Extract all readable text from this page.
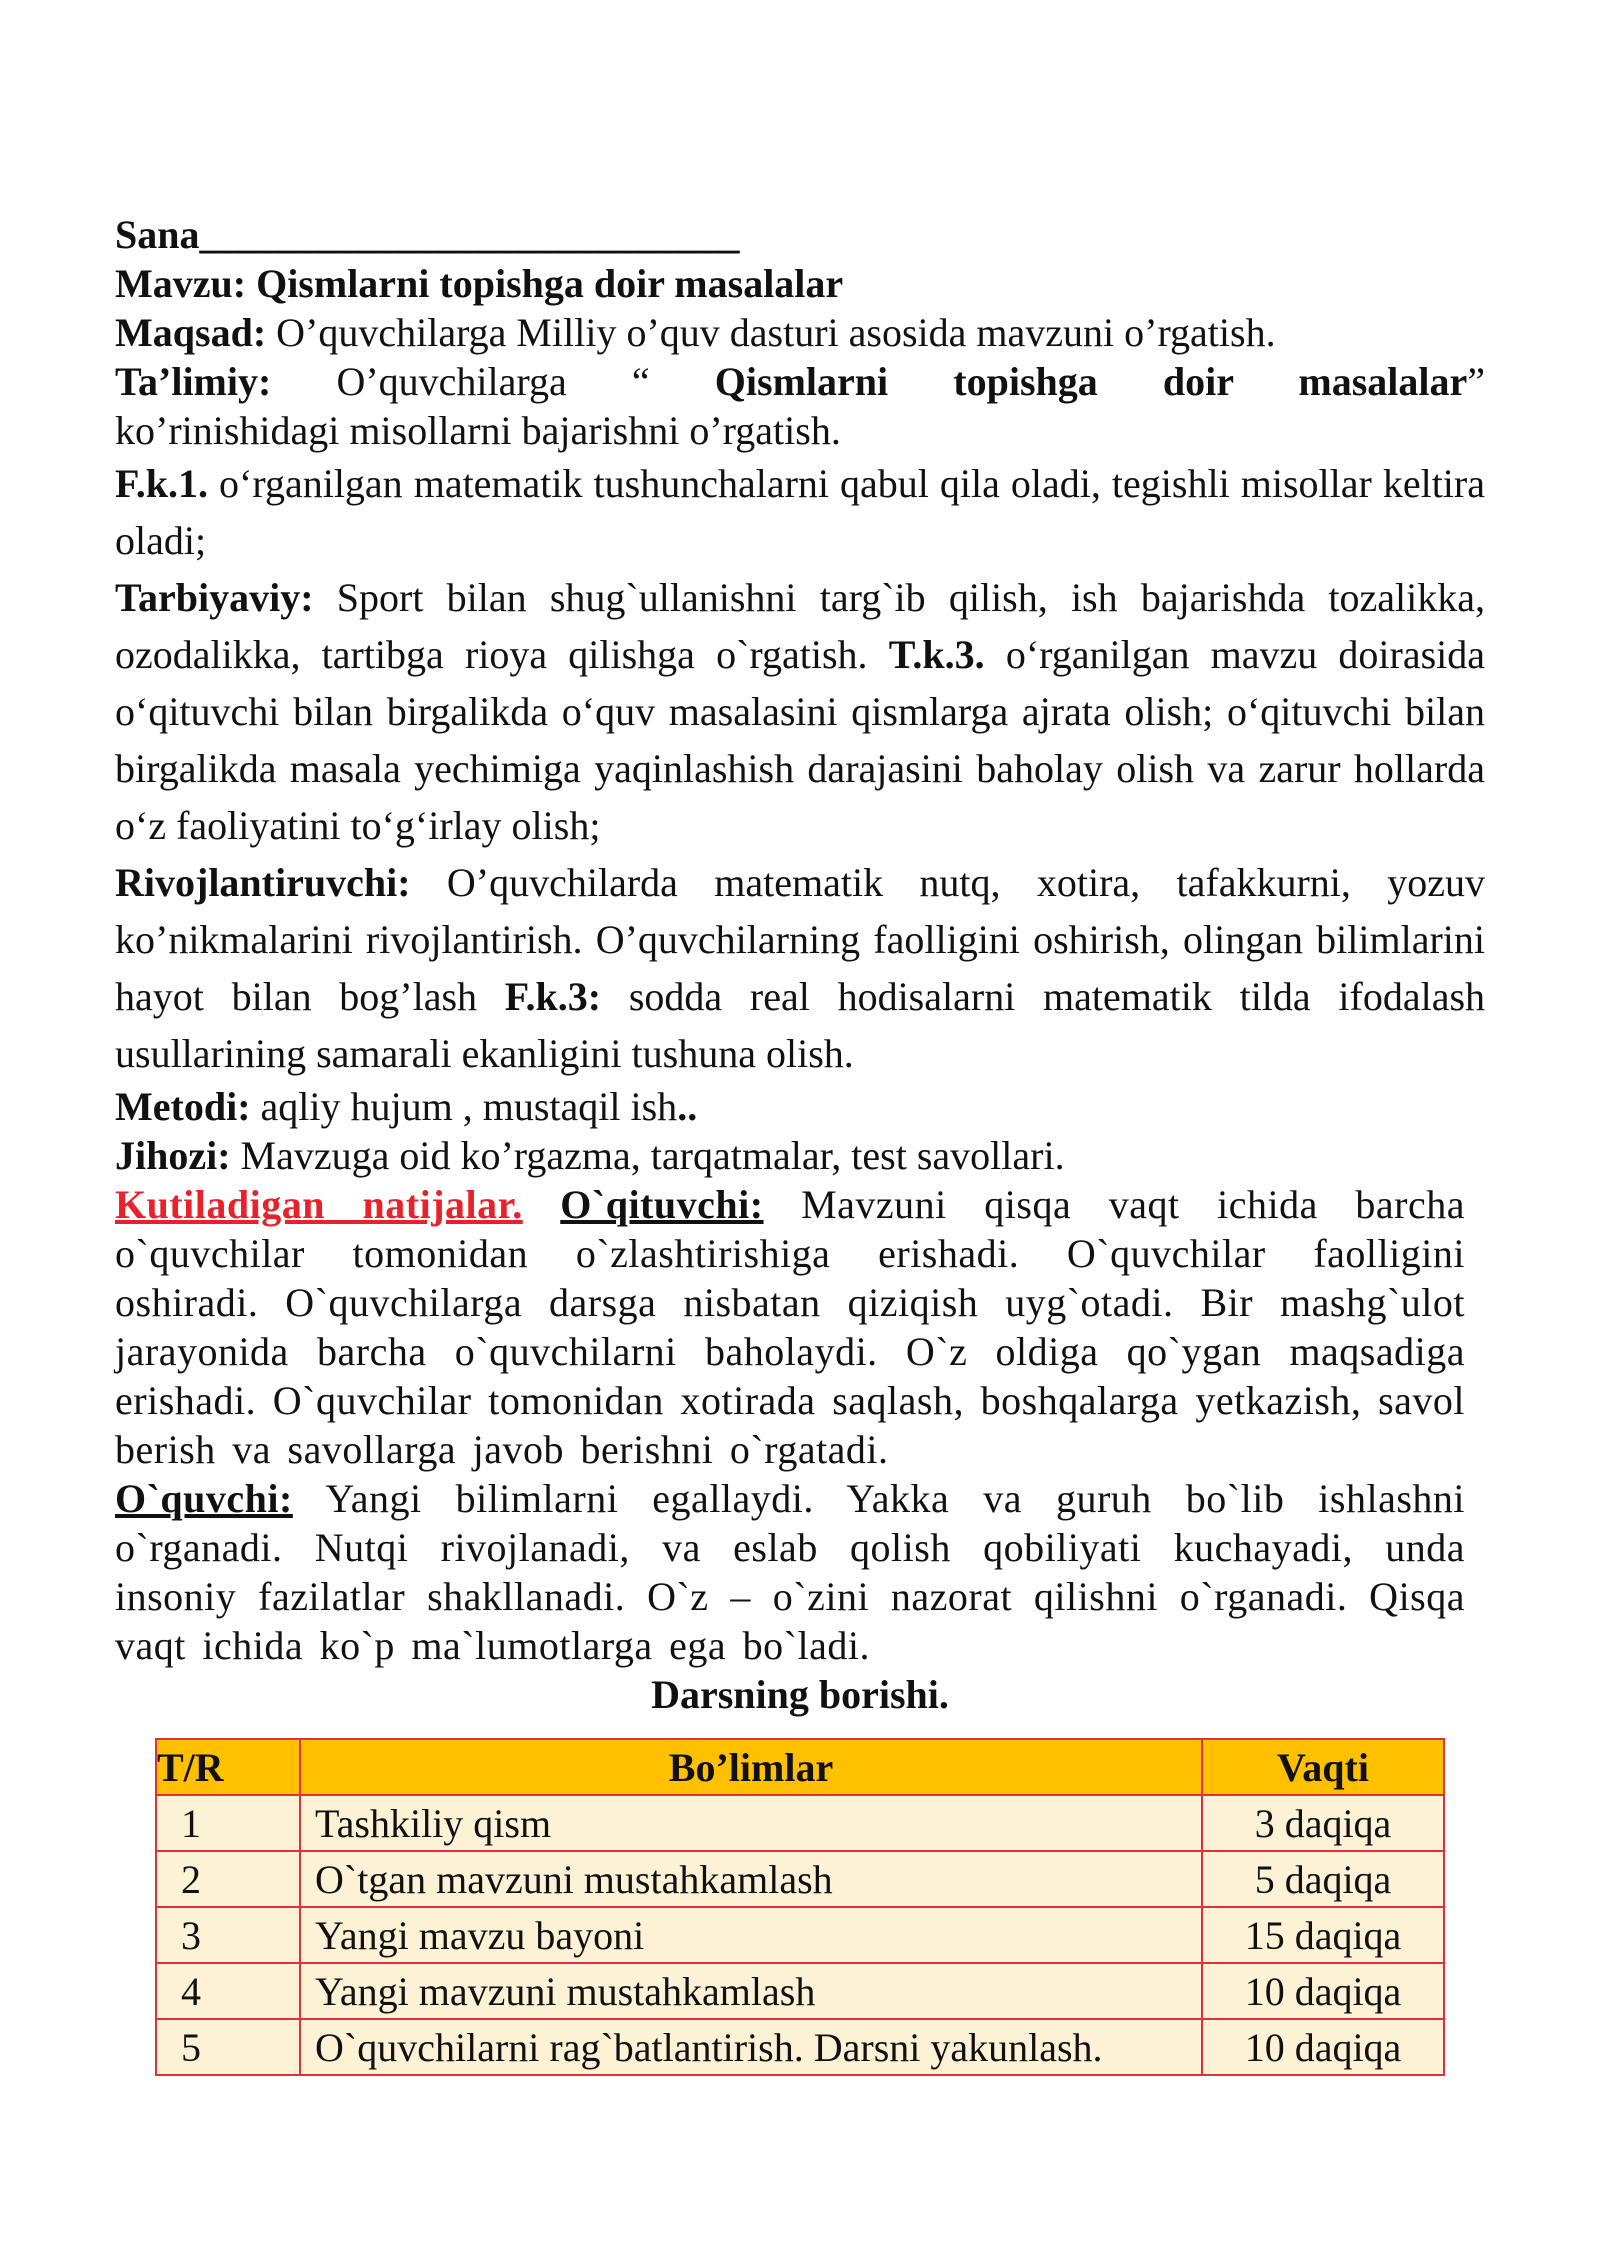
Sana___________________________

Mavzu: Qismlarni topishga doir masalalar

Maqsad: O’quvchilarga Milliy o’quv dasturi asosida mavzuni o’rgatish.

Ta’limiy: O’quvchilarga “ Qismlarni topishga doir masalalar”

ko’rinishidagi misollarni bajarishni o’rgatish.

F.k.1. o‘rganilgan matematik tushunchalarni qabul qila oladi, tegishli misollar keltira oladi;

Tarbiyaviy: Sport bilan shug`ullanishni targ`ib qilish, ish bajarishda tozalikka, ozodalikka, tartibga rioya qilishga o`rgatish. T.k.3. o‘rganilgan mavzu doirasida o‘qituvchi bilan birgalikda o‘quv masalasini qismlarga ajrata olish; o‘qituvchi bilan birgalikda masala yechimiga yaqinlashish darajasini baholay olish va zarur hollarda o‘z faoliyatini to‘g‘irlay olish;

Rivojlantiruvchi: O’quvchilarda matematik nutq, xotira, tafakkurni, yozuv ko’nikmalarini rivojlantirish. O’quvchilarning faolligini oshirish, olingan bilimlarini hayot bilan bog’lash F.k.3: sodda real hodisalarni matematik tilda ifodalash usullarining samarali ekanligini tushuna olish.

Metodi: aqliy hujum , mustaqil ish..

Jihozi: Mavzuga oid ko’rgazma, tarqatmalar, test savollari.

Kutiladigan natijalar. O`qituvchi: Mavzuni qisqa vaqt ichida barcha o`quvchilar tomonidan o`zlashtirishiga erishadi. O`quvchilar faolligini oshiradi. O`quvchilarga darsga nisbatan qiziqish uyg`otadi. Bir mashg`ulot jarayonida barcha o`quvchilarni baholaydi. O`z oldiga qo`ygan maqsadiga erishadi. O`quvchilar tomonidan xotirada saqlash, boshqalarga yetkazish, savol berish va savollarga javob berishni o`rgatadi.

O`quvchi: Yangi bilimlarni egallaydi. Yakka va guruh bo`lib ishlashni o`rganadi. Nutqi rivojlanadi, va eslab qolish qobiliyati kuchayadi, unda insoniy fazilatlar shakllanadi. O`z – o`zini nazorat qilishni o`rganadi. Qisqa vaqt ichida ko`p ma`lumotlarga ega bo`ladi.

Darsning borishi.

T/R	Bo’limlar	Vaqti
1	Tashkiliy qism	3 daqiqa
2	O`tgan mavzuni mustahkamlash	5 daqiqa
3	Yangi mavzu bayoni	15 daqiqa
4	Yangi mavzuni mustahkamlash	10 daqiqa
5	O`quvchilarni rag`batlantirish. Darsni yakunlash.	10 daqiqa
